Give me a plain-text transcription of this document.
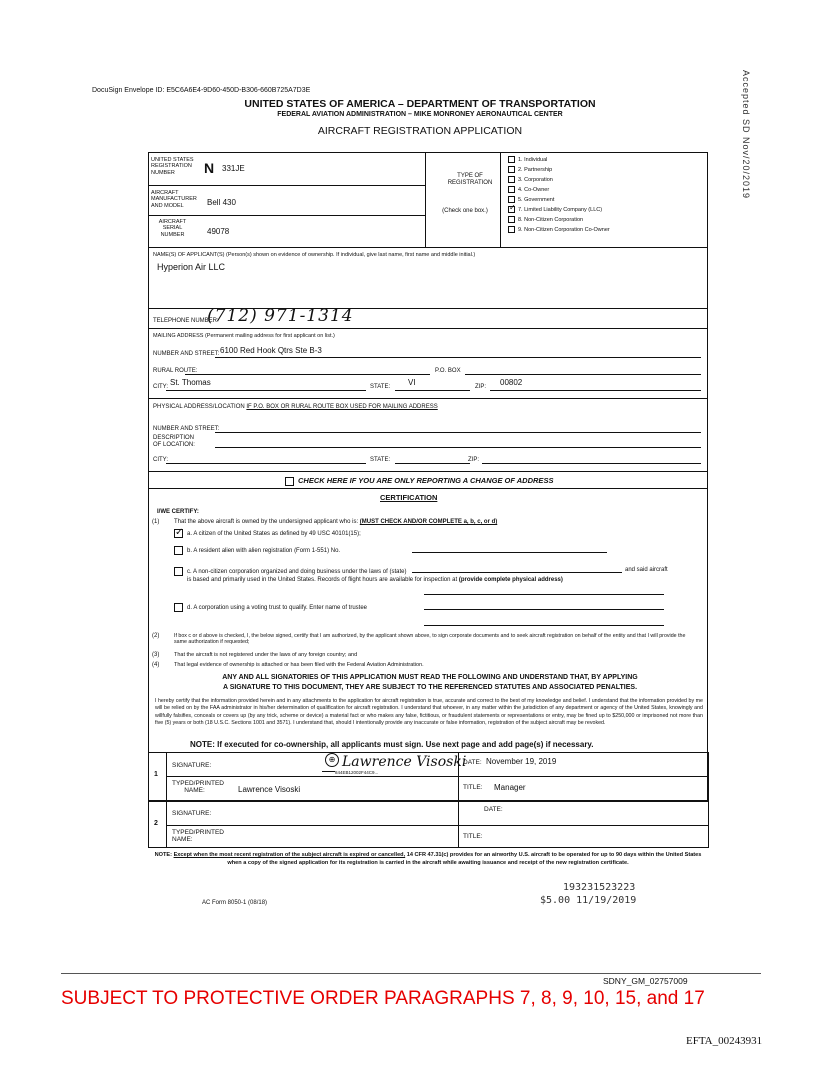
DocuSign Envelope ID: E5C6A6E4-9D60-450D-B306-660B725A7D3E	Accepted SD Nov/20/2019
UNITED STATES OF AMERICA – DEPARTMENT OF TRANSPORTATION
FEDERAL AVIATION ADMINISTRATION – MIKE MONRONEY AERONAUTICAL CENTER
AIRCRAFT REGISTRATION APPLICATION
UNITED STATES REGISTRATION NUMBER	N 331JE
AIRCRAFT MANUFACTURER AND MODEL	Bell 430
AIRCRAFT SERIAL NUMBER	49078
TYPE OF REGISTRATION
(Check one box.)
1. Individual
2. Partnership
3. Corporation
4. Co-Owner
5. Government
✓7. Limited Liability Company (LLC)
8. Non-Citizen Corporation
9. Non-Citizen Corporation Co-Owner
NAME(S) OF APPLICANT(S) (Person(s) shown on evidence of ownership. If individual, give last name, first name and middle initial.)
Hyperion Air LLC
TELEPHONE NUMBER:
(712) 971-1314
MAILING ADDRESS (Permanent mailing address for first applicant on list.)
NUMBER AND STREET: 6100 Red Hook Qtrs Ste B-3
RURAL ROUTE:	P.O. BOX
CITY: St. Thomas	STATE: VI	ZIP: 00802
PHYSICAL ADDRESS/LOCATION IF P.O. BOX OR RURAL ROUTE BOX USED FOR MAILING ADDRESS
NUMBER AND STREET:
DESCRIPTION OF LOCATION:
CITY:	STATE:	ZIP:
CHECK HERE IF YOU ARE ONLY REPORTING A CHANGE OF ADDRESS
CERTIFICATION
I/WE CERTIFY:
(1) That the above aircraft is owned by the undersigned applicant who is: (MUST CHECK AND/OR COMPLETE a, b, c, or d)
✓a. A citizen of the United States as defined by 49 USC 40101(15);
b. A resident alien with alien registration (Form 1-551) No.
c. A non-citizen corporation organized and doing business under the laws of (state)	and said aircraft
is based and primarily used in the United States. Records of flight hours are available for inspection at (provide complete physical address)
d. A corporation using a voting trust to qualify. Enter name of trustee
(2)	If box c or d above is checked, I, the below signed, certify that I am authorized, by the applicant shown above, to sign corporate documents and to seek aircraft registration on behalf of the entity and that I will provide the same authorization if requested;
(3)	That the aircraft is not registered under the laws of any foreign country; and
(4)	That legal evidence of ownership is attached or has been filed with the Federal Aviation Administration.
ANY AND ALL SIGNATORIES OF THIS APPLICATION MUST READ THE FOLLOWING AND UNDERSTAND THAT, BY APPLYING
A SIGNATURE TO THIS DOCUMENT, THEY ARE SUBJECT TO THE REFERENCED STATUTES AND ASSOCIATED PENALTIES.
I hereby certify that the information provided herein and in any attachments to the application for aircraft registration is true, accurate and correct to the best of my knowledge and belief. I understand that the information provided by me will be relied on by the FAA administrator in his/her determination of qualification for aircraft registration. I understand that whoever, in any matter within the jurisdiction of any department or agency of the United States, knowingly and willfully falsifies, conceals or covers up (by any trick, scheme or device) a material fact or who makes any false, fictitious, or fraudulent statements or representations or entry, may be fined up to $250,000 or imprisoned not more than five (5) years or both (18 U.S.C. Sections 1001 and 3571). I understand that, should I intentionally provide any inaccurate or false information, registration of the subject aircraft may be revoked.
NOTE: If executed for co-ownership, all applicants must sign. Use next page and add page(s) if necessary.
1
SIGNATURE:
⊕ Lawrence Visoski
844EB12002F44C9...
DATE: November 19, 2019
TYPED/PRINTED NAME:	Lawrence Visoski	TITLE: Manager
2
SIGNATURE:
DATE:
TYPED/PRINTED NAME:	TITLE:
NOTE: Except when the most recent registration of the subject aircraft is expired or cancelled, 14 CFR 47.31(c) provides for an airworthy U.S. aircraft to be operated for up to 90 days within the United States when a copy of the signed application for its registration is carried in the aircraft while awaiting issuance and receipt of the new registration certificate.
193231523223
$5.00 11/19/2019
AC Form 8050-1 (08/18)
SDNY_GM_02757009
SUBJECT TO PROTECTIVE ORDER PARAGRAPHS 7, 8, 9, 10, 15, and 17
EFTA_00243931
